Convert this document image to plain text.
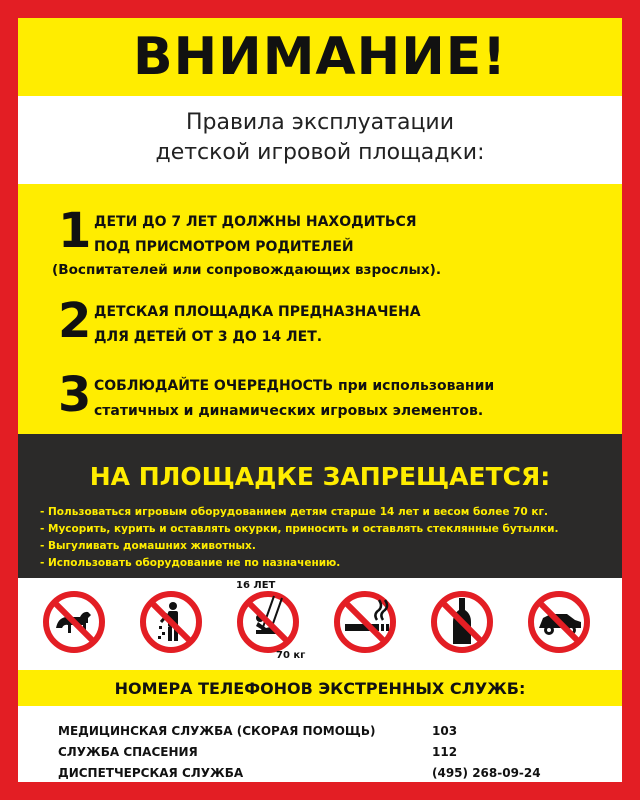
ВНИМАНИЕ!
Правила эксплуатации
детской игровой площадки:
1 ДЕТИ ДО 7 ЛЕТ ДОЛЖНЫ НАХОДИТЬСЯ
ПОД ПРИСМОТРОМ РОДИТЕЛЕЙ
(Воспитателей или сопровождающих взрослых).
2 ДЕТСКАЯ ПЛОЩАДКА ПРЕДНАЗНАЧЕНА
ДЛЯ ДЕТЕЙ ОТ 3 ДО 14 ЛЕТ.
3 СОБЛЮДАЙТЕ ОЧЕРЕДНОСТЬ при использовании
статичных и динамических игровых элементов.
НА ПЛОЩАДКЕ ЗАПРЕЩАЕТСЯ:
- Пользоваться игровым оборудованием детям старше 14 лет и весом более 70 кг.
- Мусорить, курить и оставлять окурки, приносить и оставлять стеклянные бутылки.
- Выгуливать домашних животных.
- Использовать оборудование не по назначению.
16 ЛЕТ
70 кг
НОМЕРА ТЕЛЕФОНОВ ЭКСТРЕННЫХ СЛУЖБ:
МЕДИЦИНСКАЯ СЛУЖБА (СКОРАЯ ПОМОЩЬ)	103
СЛУЖБА СПАСЕНИЯ	112
ДИСПЕТЧЕРСКАЯ СЛУЖБА	(495) 268-09-24
